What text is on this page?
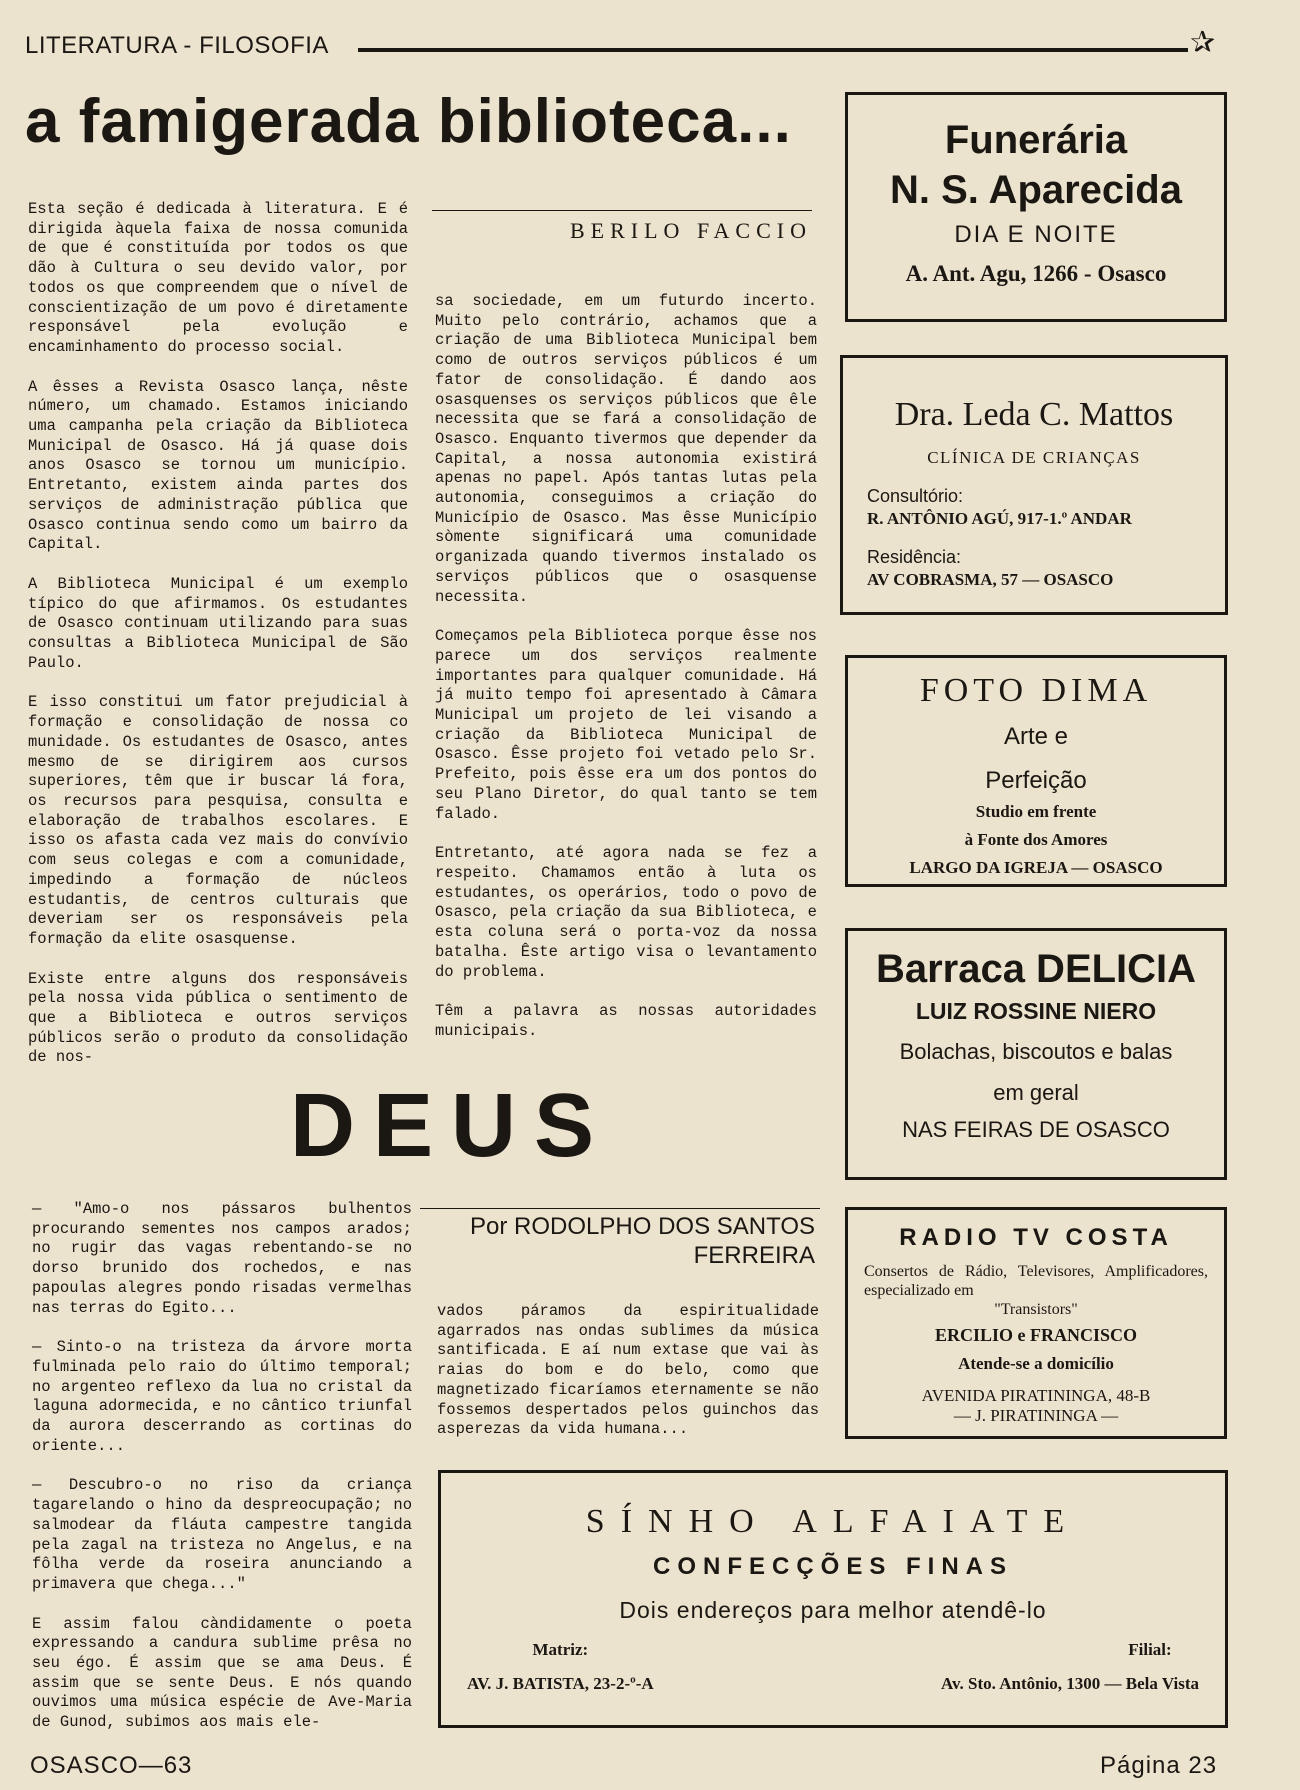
LITERATURA - FILOSOFIA	✰
a famigerada biblioteca...

Esta seção é dedicada à literatura. E é dirigida àquela faixa de nossa comunida de que é constituída por todos os que dão à Cultura o seu devido valor, por todos os que compreendem que o nível de conscientização de um povo é diretamente responsável pela evolução e encaminhamento do processo social.

A êsses a Revista Osasco lança, nêste número, um chamado. Estamos iniciando uma campanha pela criação da Biblioteca Municipal de Osasco. Há já quase dois anos Osasco se tornou um município. Entretanto, existem ainda partes dos serviços de administração pública que Osasco continua sendo como um bairro da Capital.

A Biblioteca Municipal é um exemplo típico do que afirmamos. Os estudantes de Osasco continuam utilizando para suas consultas a Biblioteca Municipal de São Paulo.

E isso constitui um fator prejudicial à formação e consolidação de nossa co munidade. Os estudantes de Osasco, antes mesmo de se dirigirem aos cursos superiores, têm que ir buscar lá fora, os recursos para pesquisa, consulta e elaboração de trabalhos escolares. E isso os afasta cada vez mais do convívio com seus colegas e com a comunidade, impedindo a formação de núcleos estudantis, de centros culturais que deveriam ser os responsáveis pela formação da elite osasquense.

Existe entre alguns dos responsáveis pela nossa vida pública o sentimento de que a Biblioteca e outros serviços públicos serão o produto da consolidação de nos-

BERILO FACCIO

sa sociedade, em um futurdo incerto. Muito pelo contrário, achamos que a criação de uma Biblioteca Municipal bem como de outros serviços públicos é um fator de consolidação. É dando aos osasquenses os serviços públicos que êle necessita que se fará a consolidação de Osasco. Enquanto tivermos que depender da Capital, a nossa autonomia existirá apenas no papel. Após tantas lutas pela autonomia, conseguimos a criação do Município de Osasco. Mas êsse Município sòmente significará uma comunidade organizada quando tivermos instalado os serviços públicos que o osasquense necessita.

Começamos pela Biblioteca porque êsse nos parece um dos serviços realmente importantes para qualquer comunidade. Há já muito tempo foi apresentado à Câmara Municipal um projeto de lei visando a criação da Biblioteca Municipal de Osasco. Êsse projeto foi vetado pelo Sr. Prefeito, pois êsse era um dos pontos do seu Plano Diretor, do qual tanto se tem falado.

Entretanto, até agora nada se fez a respeito. Chamamos então à luta os estudantes, os operários, todo o povo de Osasco, pela criação da sua Biblioteca, e esta coluna será o porta-voz da nossa batalha. Êste artigo visa o levantamento do problema.

Têm a palavra as nossas autoridades municipais.

DEUS
Por RODOLPHO DOS SANTOS FERREIRA

— "Amo-o nos pássaros bulhentos procurando sementes nos campos arados; no rugir das vagas rebentando-se no dorso brunido dos rochedos, e nas papoulas alegres pondo risadas vermelhas nas terras do Egito...

— Sinto-o na tristeza da árvore morta fulminada pelo raio do último temporal; no argenteo reflexo da lua no cristal da laguna adormecida, e no cântico triunfal da aurora descerrando as cortinas do oriente...

— Descubro-o no riso da criança tagarelando o hino da despreocupação; no salmodear da fláuta campestre tangida pela zagal na tristeza no Angelus, e na fôlha verde da roseira anunciando a primavera que chega..."

E assim falou càndidamente o poeta expressando a candura sublime prêsa no seu égo. É assim que se ama Deus. É assim que se sente Deus. E nós quando ouvimos uma música espécie de Ave-Maria de Gunod, subimos aos mais ele-

vados páramos da espiritualidade agarrados nas ondas sublimes da música santificada. E aí num extase que vai às raias do bom e do belo, como que magnetizado ficaríamos eternamente se não fossemos despertados pelos guinchos das asperezas da vida humana...

Funerária
N. S. Aparecida
DIA E NOITE
A. Ant. Agu, 1266 - Osasco
Dra. Leda C. Mattos
CLÍNICA DE CRIANÇAS
Consultório:
R. ANTÔNIO AGÚ, 917-1.º ANDAR
Residência:
AV COBRASMA, 57 — OSASCO
FOTO DIMA
Arte e
Perfeição
Studio em frente
à Fonte dos Amores
LARGO DA IGREJA — OSASCO
Barraca DELICIA
LUIZ ROSSINE NIERO
Bolachas, biscoutos e balas
em geral
NAS FEIRAS DE OSASCO
RADIO TV COSTA
Consertos de Rádio, Televisores, Amplificadores, especializado em
"Transistors"
ERCILIO e FRANCISCO
Atende-se a domicílio
AVENIDA PIRATININGA, 48-B
— J. PIRATININGA —
SÍNHO ALFAIATE
CONFECÇÕES FINAS
Dois endereços para melhor atendê-lo
Matriz:
AV. J. BATISTA, 23-2-º-A
Filial:
Av. Sto. Antônio, 1300 — Bela Vista
OSASCO—63	Página 23
